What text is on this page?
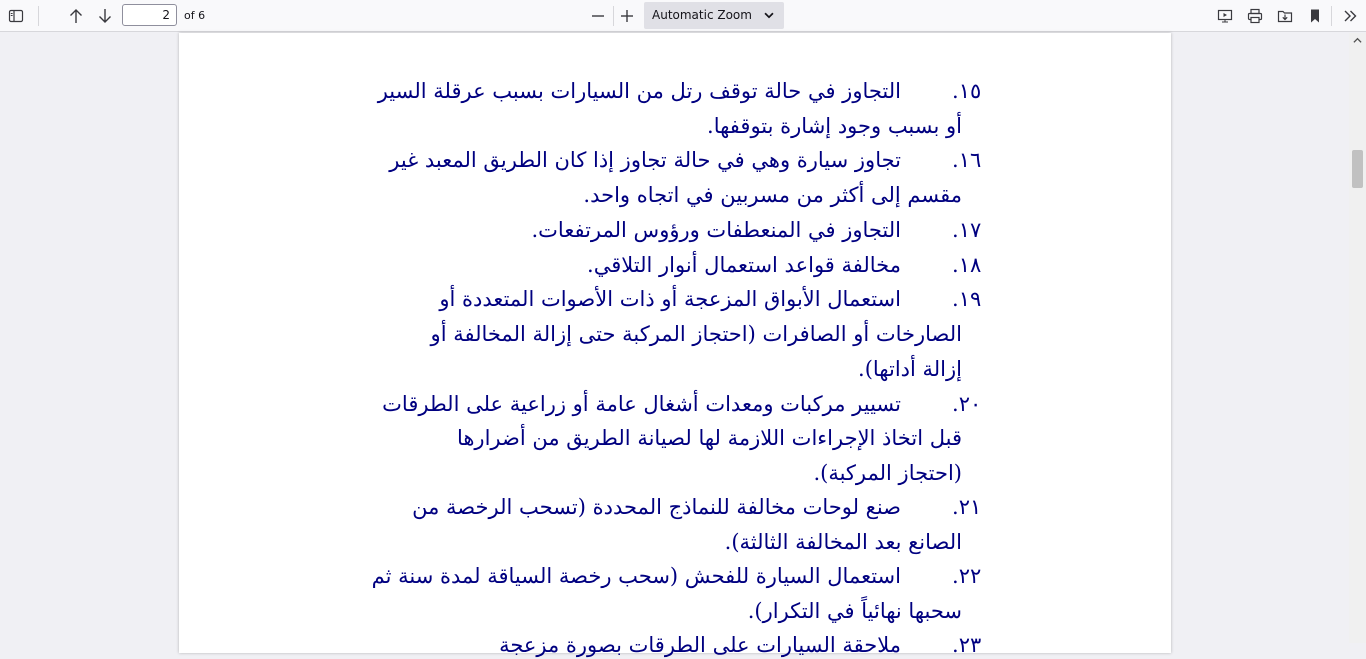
2
of 6	Automatic Zoom
١٥.
التجاوز في حالة توقف رتل من السيارات بسبب عرقلة السير
أو بسبب وجود إشارة بتوقفها.
١٦.
تجاوز سيارة وهي في حالة تجاوز إذا كان الطريق المعبد غير
مقسم إلى أكثر من مسربين في اتجاه واحد.
١٧.
التجاوز في المنعطفات ورؤوس المرتفعات.
١٨.
مخالفة قواعد استعمال أنوار التلاقي.
١٩.
استعمال الأبواق المزعجة أو ذات الأصوات المتعددة أو
الصارخات أو الصافرات (احتجاز المركبة حتى إزالة المخالفة أو
إزالة أداتها).
٢٠.
تسيير مركبات ومعدات أشغال عامة أو زراعية على الطرقات
قبل اتخاذ الإجراءات اللازمة لها لصيانة الطريق من أضرارها
(احتجاز المركبة).
٢١.
صنع لوحات مخالفة للنماذج المحددة (تسحب الرخصة من
الصانع بعد المخالفة الثالثة).
٢٢.
استعمال السيارة للفحش (سحب رخصة السياقة لمدة سنة ثم
سحبها نهائياً في التكرار).
٢٣.
ملاحقة السيارات على الطرقات بصورة مزعجة
